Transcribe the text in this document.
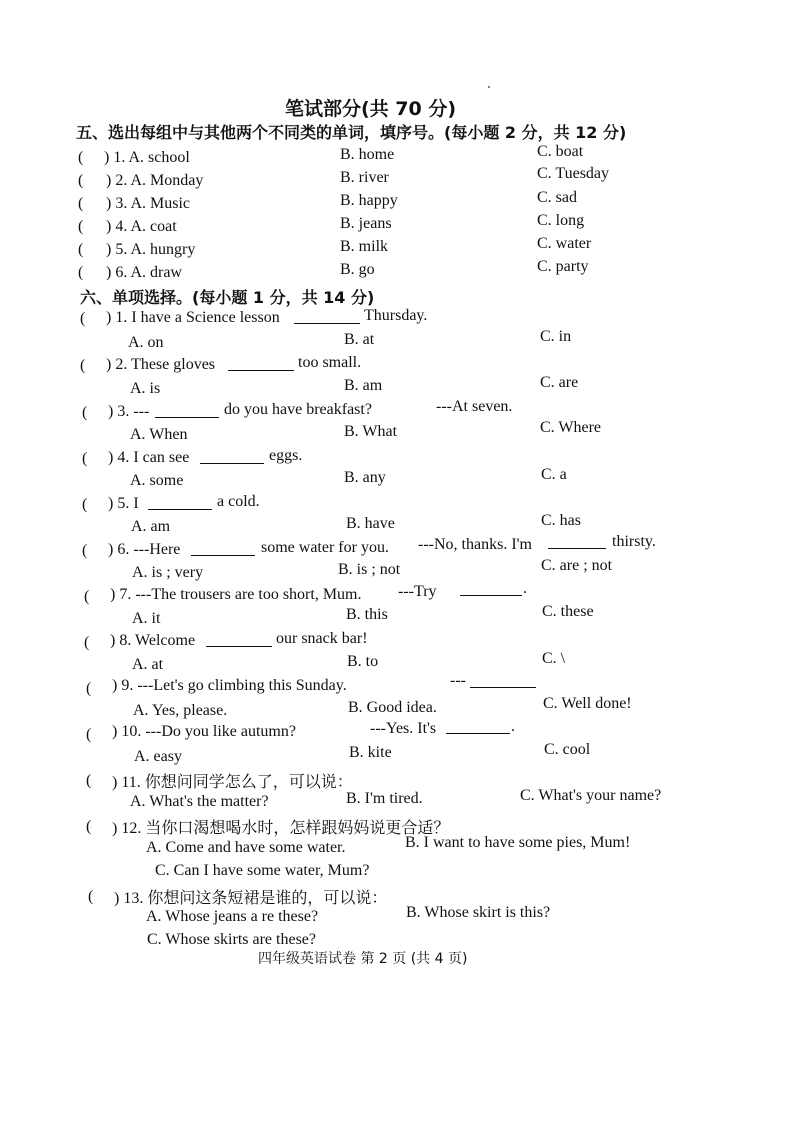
笔试部分(共 70 分)
五、选出每组中与其他两个不同类的单词，填序号。(每小题 2 分，共 12 分)
( ) 1. A. school	B. home	C. boat
( ) 2. A. Monday	B. river	C. Tuesday
( ) 3. A. Music	B. happy	C. sad
( ) 4. A. coat	B. jeans	C. long
( ) 5. A. hungry	B. milk	C. water
( ) 6. A. draw	B. go	C. party
六、单项选择。(每小题 1 分，共 14 分)
( ) 1. I have a Science lesson	Thursday.
A. on	B. at	C. in
( ) 2. These gloves	too small.
A. is	B. am	C. are
( ) 3. ---	do you have breakfast?	---At seven.
A. When	B. What	C. Where
( ) 4. I can see	eggs.
A. some	B. any	C. a
( ) 5. I	a cold.
A. am	B. have	C. has
( ) 6. ---Here	some water for you. ---No, thanks. I'm	thirsty.
A. is ; very	B. is ; not	C. are ; not
( ) 7. ---The trousers are too short, Mum. ---Try	.
A. it	B. this	C. these
( ) 8. Welcome	our snack bar!
A. at	B. to	C. \
( ) 9. ---Let's go climbing this Sunday.	---
A. Yes, please.	B. Good idea.	C. Well done!
( ) 10. ---Do you like autumn?	---Yes. It's	.
A. easy	B. kite	C. cool
( ) 11. 你想问同学怎么了，可以说：
A. What's the matter?	B. I'm tired.	C. What's your name?
( ) 12. 当你口渴想喝水时，怎样跟妈妈说更合适？
A. Come and have some water.	B. I want to have some pies, Mum!
C. Can I have some water, Mum?
( ) 13. 你想问这条短裙是谁的，可以说：
A. Whose jeans a re these?	B. Whose skirt is this?
C. Whose skirts are these?
四年级英语试卷 第 2 页 (共 4 页)
